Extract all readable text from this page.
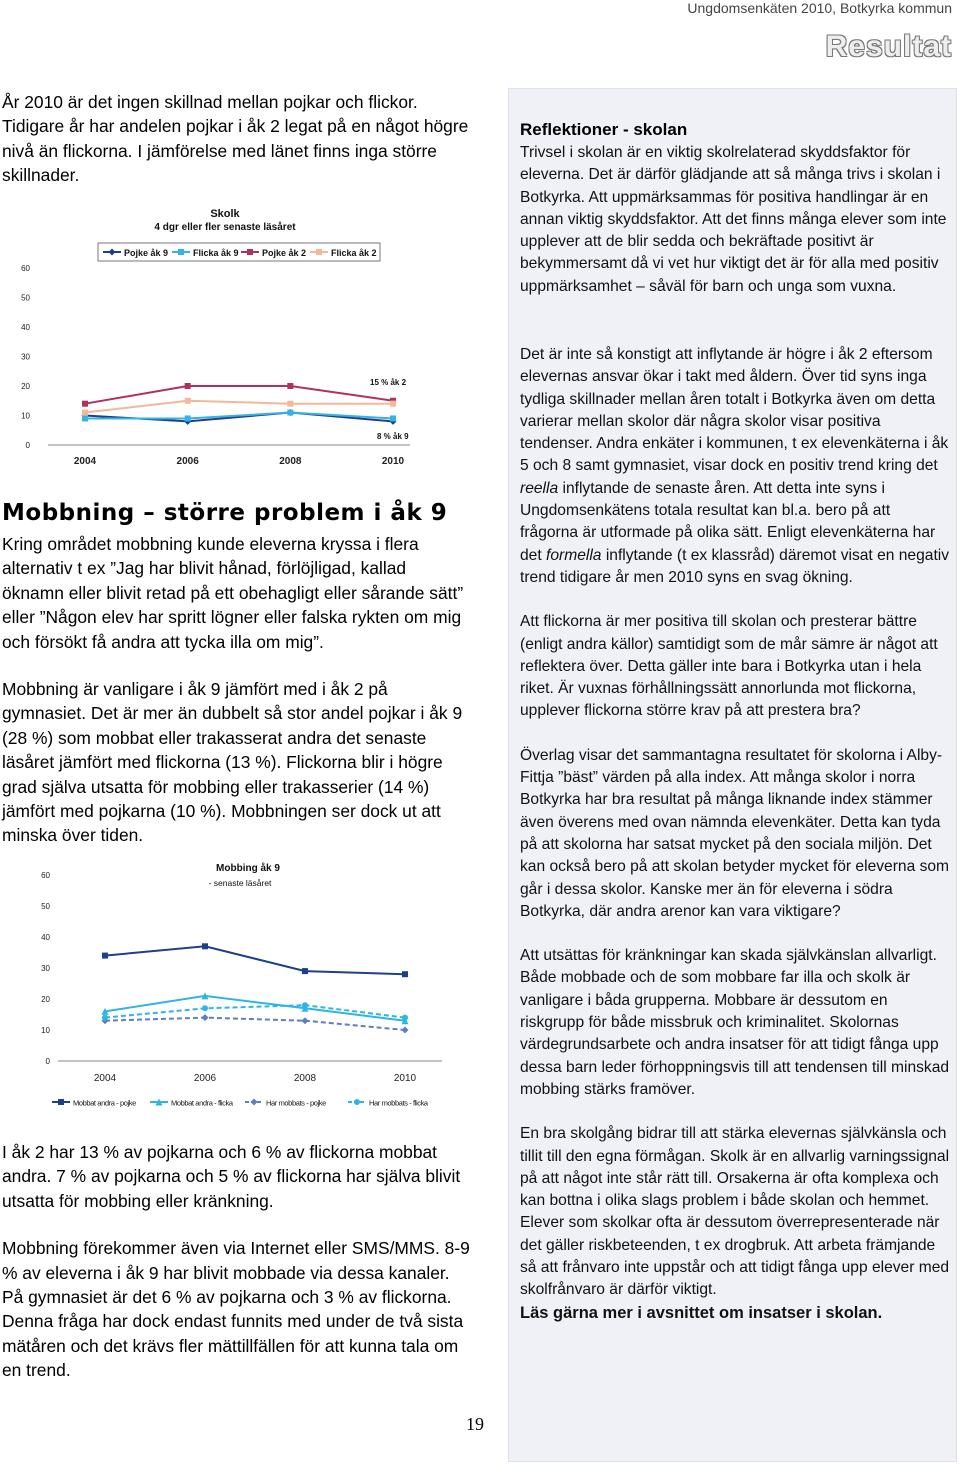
Ungdomsenkäten 2010, Botkyrka kommun
Resultat

År 2010 är det ingen skillnad mellan pojkar och flickor. Tidigare år har andelen pojkar i åk 2 legat på en något högre nivå än flickorna. I jämförelse med länet finns inga större skillnader.

Skolk
4 dgr eller fler senaste läsåret
Pojke åk 9	Flicka åk 9	Pojke åk 2	Flicka åk 2
0
10
20
30
40
50
60
2004	2006	2008	2010
15 % åk 2
8 % åk 9
Mobbning – större problem i åk 9

Kring området mobbning kunde eleverna kryssa i flera alternativ t ex ”Jag har blivit hånad, förlöjligad, kallad öknamn eller blivit retad på ett obehagligt eller sårande sätt” eller ”Någon elev har spritt lögner eller falska rykten om mig och försökt få andra att tycka illa om mig”.

Mobbning är vanligare i åk 9 jämfört med i åk 2 på gymnasiet. Det är mer än dubbelt så stor andel pojkar i åk 9 (28 %) som mobbat eller trakasserat andra det senaste läsåret jämfört med flickorna (13 %). Flickorna blir i högre grad själva utsatta för mobbing eller trakasserier (14 %) jämfört med pojkarna (10 %). Mobbningen ser dock ut att minska över tiden.

Mobbing åk 9
- senaste läsåret
0
10
20
30
40
50
60
2004	2006	2008	2010
Mobbat andra - pojke	Mobbat andra - flicka	Har mobbats - pojke	Har mobbats - flicka

I åk 2 har 13 % av pojkarna och 6 % av flickorna mobbat andra. 7 % av pojkarna och 5 % av flickorna har själva blivit utsatta för mobbing eller kränkning.

Mobbning förekommer även via Internet eller SMS/MMS. 8-9 % av eleverna i åk 9 har blivit mobbade via dessa kanaler. På gymnasiet är det 6 % av pojkarna och 3 % av flickorna. Denna fråga har dock endast funnits med under de två sista mätåren och det krävs fler mättillfällen för att kunna tala om en trend.

19
Reflektioner - skolan

Trivsel i skolan är en viktig skolrelaterad skyddsfaktor för eleverna. Det är därför glädjande att så många trivs i skolan i Botkyrka. Att uppmärksammas för positiva handlingar är en annan viktig skyddsfaktor. Att det finns många elever som inte upplever att de blir sedda och bekräftade positivt är bekymmersamt då vi vet hur viktigt det är för alla med positiv uppmärksamhet – såväl för barn och unga som vuxna.

Det är inte så konstigt att inflytande är högre i åk 2 eftersom elevernas ansvar ökar i takt med åldern. Över tid syns inga tydliga skillnader mellan åren totalt i Botkyrka även om detta varierar mellan skolor där några skolor visar positiva tendenser. Andra enkäter i kommunen, t ex elevenkäterna i åk 5 och 8 samt gymnasiet, visar dock en positiv trend kring det reella inflytande de senaste åren. Att detta inte syns i Ungdomsenkätens totala resultat kan bl.a. bero på att frågorna är utformade på olika sätt. Enligt elevenkäterna har det formella inflytande (t ex klassråd) däremot visat en negativ trend tidigare år men 2010 syns en svag ökning.

Att flickorna är mer positiva till skolan och presterar bättre (enligt andra källor) samtidigt som de mår sämre är något att reflektera över. Detta gäller inte bara i Botkyrka utan i hela riket. Är vuxnas förhållningssätt annorlunda mot flickorna, upplever flickorna större krav på att prestera bra?

Överlag visar det sammantagna resultatet för skolorna i Alby-Fittja ”bäst” värden på alla index. Att många skolor i norra Botkyrka har bra resultat på många liknande index stämmer även överens med ovan nämnda elevenkäter. Detta kan tyda på att skolorna har satsat mycket på den sociala miljön. Det kan också bero på att skolan betyder mycket för eleverna som går i dessa skolor. Kanske mer än för eleverna i södra Botkyrka, där andra arenor kan vara viktigare?

Att utsättas för kränkningar kan skada självkänslan allvarligt. Både mobbade och de som mobbare far illa och skolk är vanligare i båda grupperna. Mobbare är dessutom en riskgrupp för både missbruk och kriminalitet. Skolornas värdegrundsarbete och andra insatser för att tidigt fånga upp dessa barn leder förhoppningsvis till att tendensen till minskad mobbing stärks framöver.

En bra skolgång bidrar till att stärka elevernas självkänsla och tillit till den egna förmågan. Skolk är en allvarlig varningssignal på att något inte står rätt till. Orsakerna är ofta komplexa och kan bottna i olika slags problem i både skolan och hemmet. Elever som skolkar ofta är dessutom överrepresenterade när det gäller riskbeteenden, t ex drogbruk. Att arbeta främjande så att frånvaro inte uppstår och att tidigt fånga upp elever med skolfrånvaro är därför viktigt.

Läs gärna mer i avsnittet om insatser i skolan.
